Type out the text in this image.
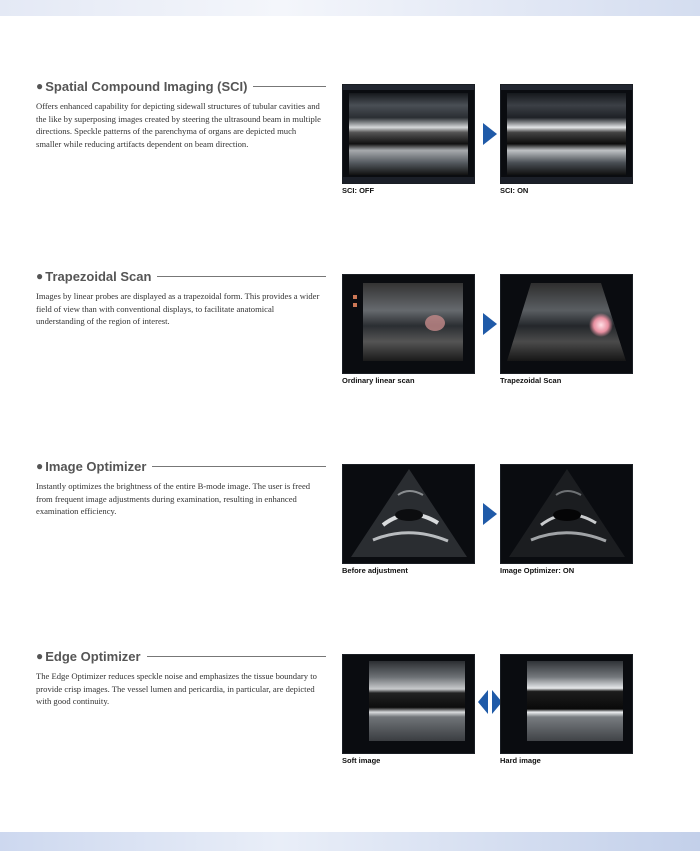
● Spatial Compound Imaging (SCI)
Offers enhanced capability for depicting sidewall structures of tubular cavities and the like by superposing images created by steering the ultrasound beam in multiple directions. Speckle patterns of the parenchyma of organs are depicted much smaller while reducing artifacts dependent on beam direction.
SCI: OFF	SCI: ON
● Trapezoidal Scan
Images by linear probes are displayed as a trapezoidal form. This provides a wider field of view than with conventional displays, to facilitate anatomical understanding of the region of interest.
Ordinary linear scan	Trapezoidal Scan
● Image Optimizer
Instantly optimizes the brightness of the entire B-mode image. The user is freed from frequent image adjustments during examination, resulting in enhanced examination efficiency.
Before adjustment	Image Optimizer: ON
● Edge Optimizer
The Edge Optimizer reduces speckle noise and emphasizes the tissue boundary to provide crisp images. The vessel lumen and pericardia, in particular, are depicted with good continuity.
Soft image	Hard image
